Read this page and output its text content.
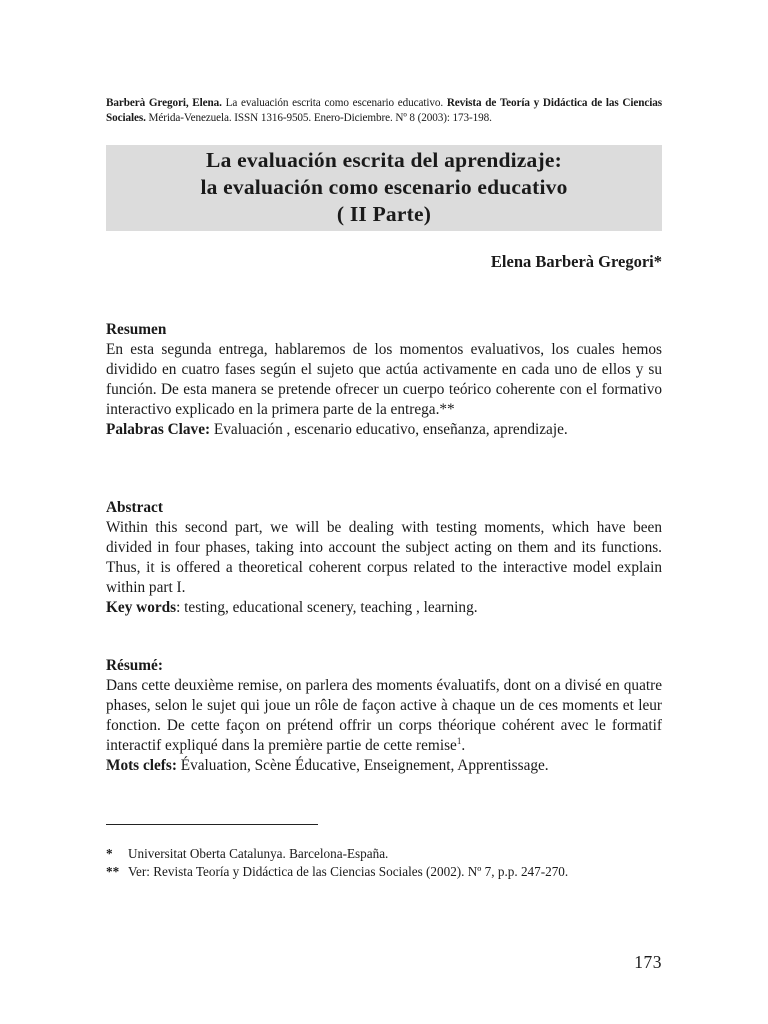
Barberà Gregori, Elena. La evaluación escrita como escenario educativo. Revista de Teoría y Didáctica de las Ciencias Sociales. Mérida-Venezuela. ISSN 1316-9505. Enero-Diciembre. Nº 8 (2003): 173-198.
La evaluación escrita del aprendizaje:
la evaluación como escenario educativo
( II Parte)
Elena Barberà Gregori*
Resumen

En esta segunda entrega, hablaremos de los momentos evaluativos, los cuales hemos dividido en cuatro fases según el sujeto que actúa activamente en cada uno de ellos y su función. De esta manera se pretende ofrecer un cuerpo teórico coherente con el formativo interactivo explicado en la primera parte de la entrega.**

Palabras Clave: Evaluación , escenario educativo, enseñanza, aprendizaje.

Abstract

Within this second part, we will be dealing with testing moments, which have been divided in four phases, taking into account the subject acting on them and its functions. Thus, it is offered a theoretical coherent corpus related to the interactive model explain within part I.

Key words: testing, educational scenery, teaching , learning.

Résumé:

Dans cette deuxième remise, on parlera des moments évaluatifs, dont on a divisé en quatre phases, selon le sujet qui joue un rôle de façon active à chaque un de ces moments et leur fonction. De cette façon on prétend offrir un corps théorique cohérent avec le formatif interactif expliqué dans la première partie de cette remise$^1$.

Mots clefs: Évaluation, Scène Éducative, Enseignement, Apprentissage.

*	Universitat Oberta Catalunya. Barcelona-España.
** Ver: Revista Teoría y Didáctica de las Ciencias Sociales (2002). Nº 7, p.p. 247-270.
173
